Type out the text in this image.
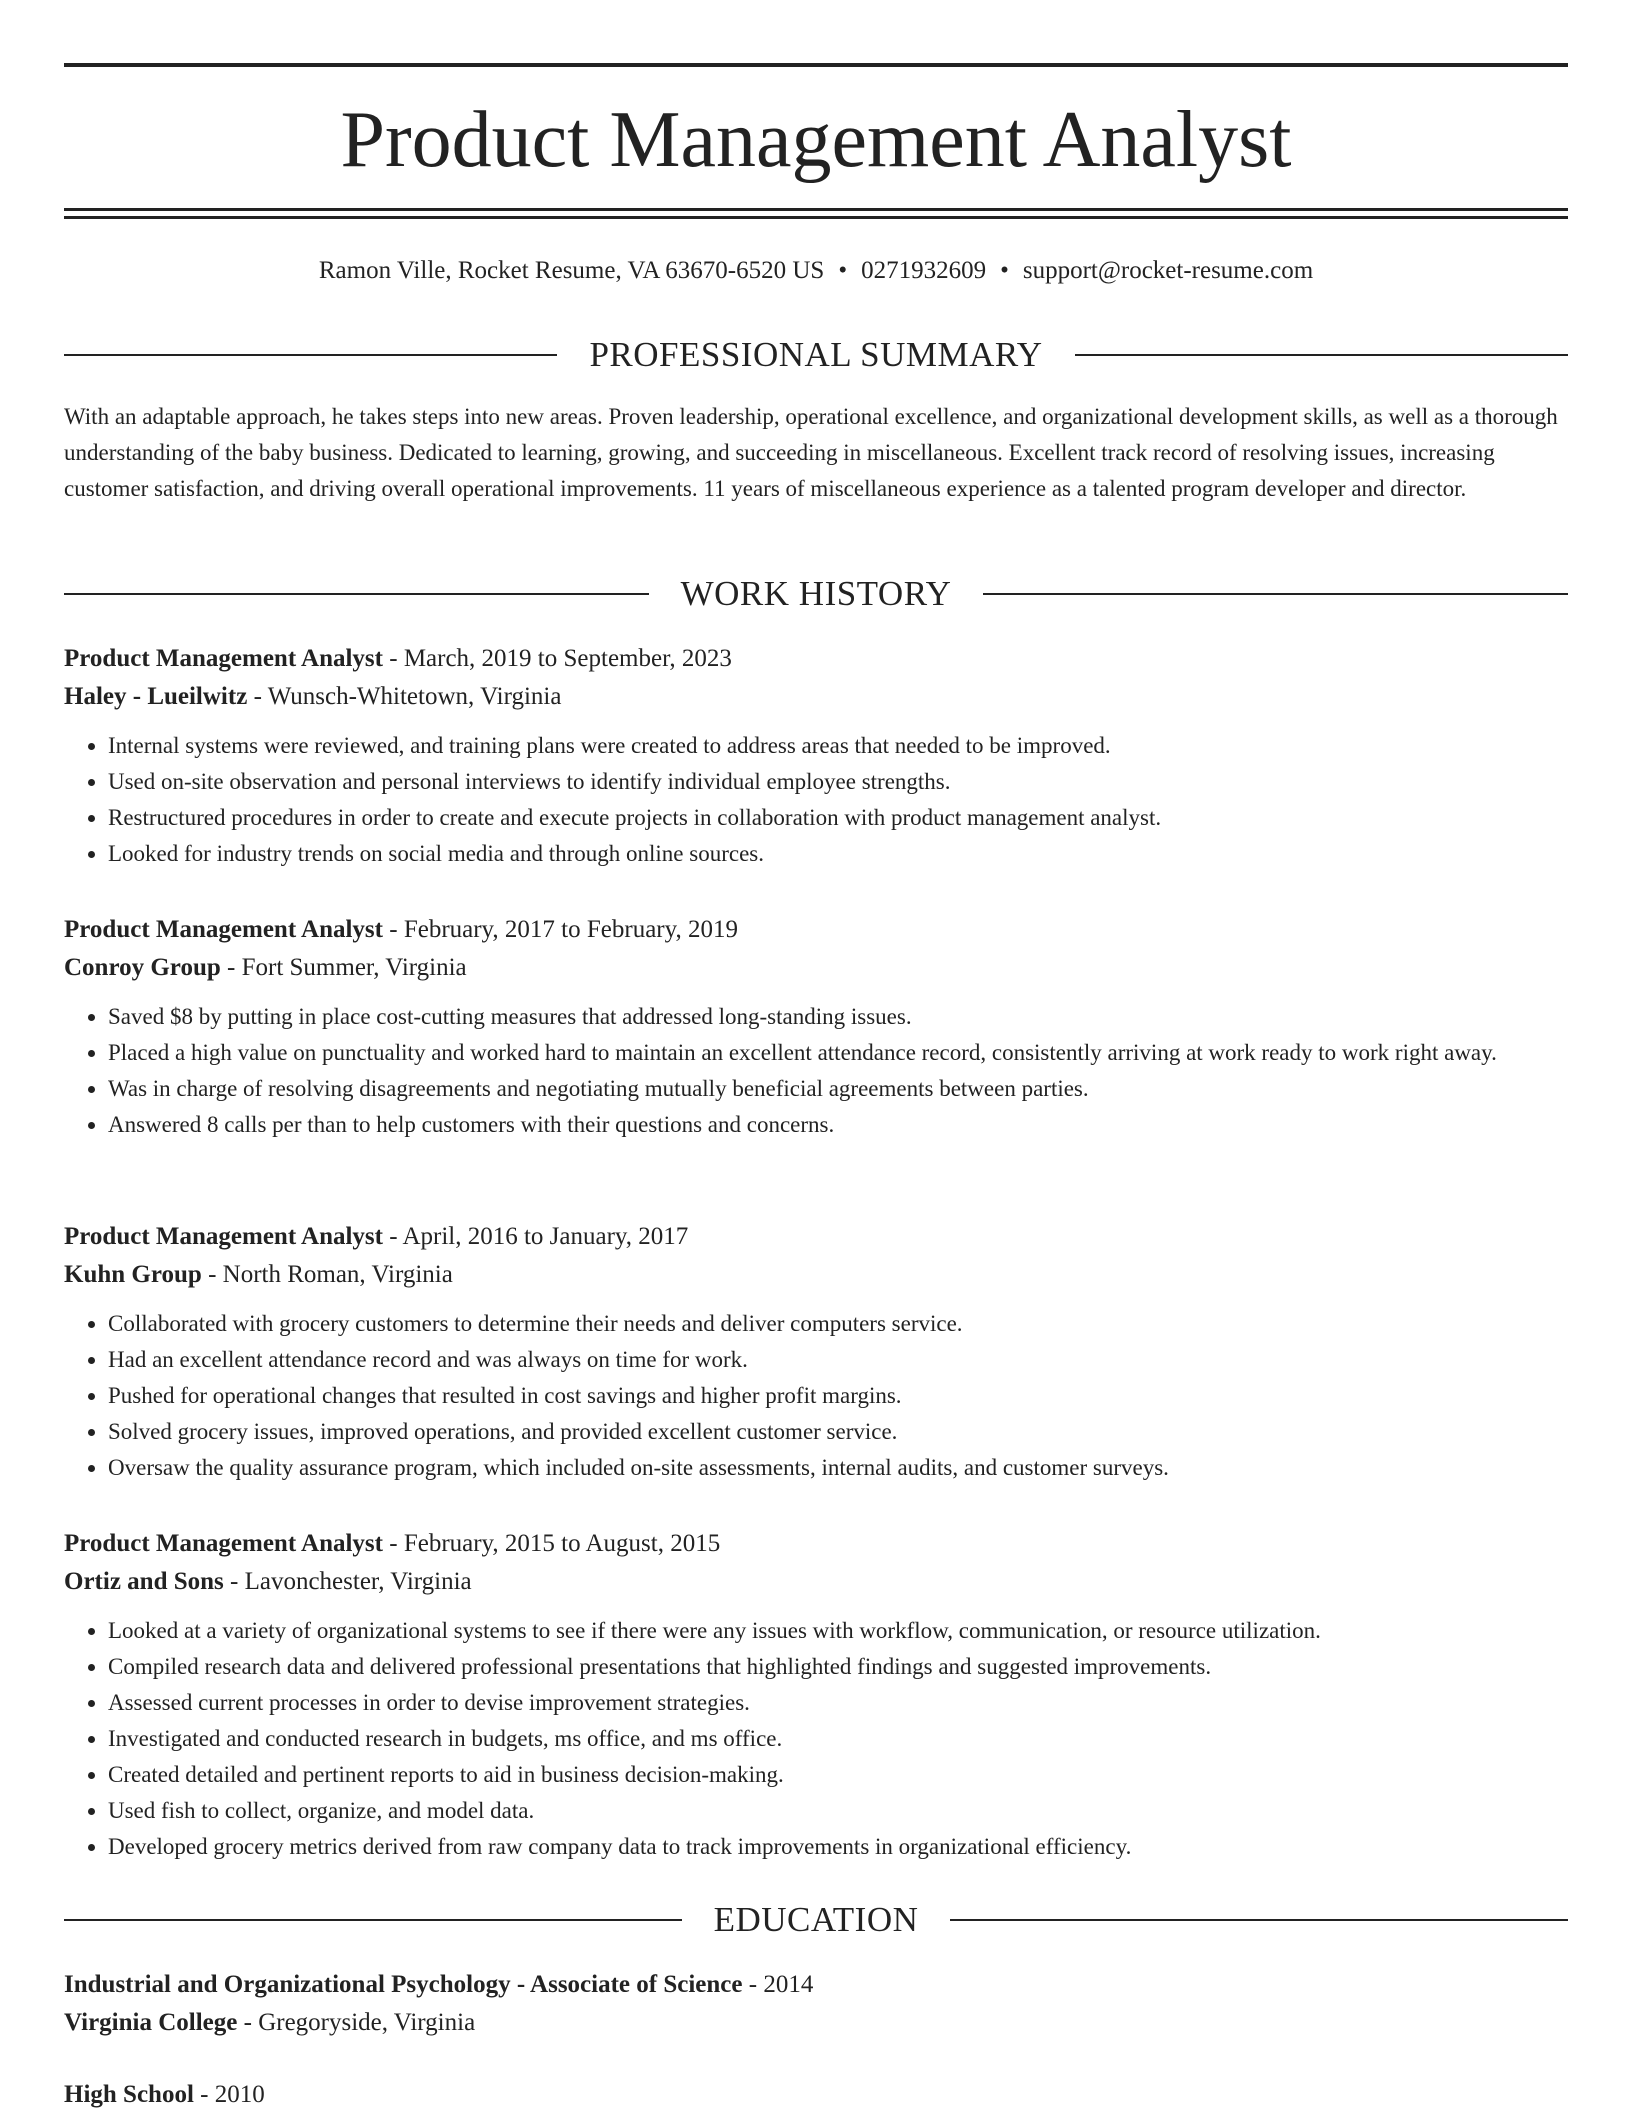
Product Management Analyst
Ramon Ville, Rocket Resume, VA 63670-6520 US • 0271932609 • support@rocket-resume.com
PROFESSIONAL SUMMARY
With an adaptable approach, he takes steps into new areas. Proven leadership, operational excellence, and organizational development skills, as well as a thorough understanding of the baby business. Dedicated to learning, growing, and succeeding in miscellaneous. Excellent track record of resolving issues, increasing customer satisfaction, and driving overall operational improvements. 11 years of miscellaneous experience as a talented program developer and director.
WORK HISTORY

Product Management Analyst - March, 2019 to September, 2023

Haley - Lueilwitz - Wunsch-Whitetown, Virginia

• Internal systems were reviewed, and training plans were created to address areas that needed to be improved.
• Used on-site observation and personal interviews to identify individual employee strengths.
• Restructured procedures in order to create and execute projects in collaboration with product management analyst.
• Looked for industry trends on social media and through online sources.

Product Management Analyst - February, 2017 to February, 2019

Conroy Group - Fort Summer, Virginia

• Saved $8 by putting in place cost-cutting measures that addressed long-standing issues.
• Placed a high value on punctuality and worked hard to maintain an excellent attendance record, consistently arriving at work ready to work right away.
• Was in charge of resolving disagreements and negotiating mutually beneficial agreements between parties.
• Answered 8 calls per than to help customers with their questions and concerns.

Product Management Analyst - April, 2016 to January, 2017

Kuhn Group - North Roman, Virginia

• Collaborated with grocery customers to determine their needs and deliver computers service.
• Had an excellent attendance record and was always on time for work.
• Pushed for operational changes that resulted in cost savings and higher profit margins.
• Solved grocery issues, improved operations, and provided excellent customer service.
• Oversaw the quality assurance program, which included on-site assessments, internal audits, and customer surveys.

Product Management Analyst - February, 2015 to August, 2015

Ortiz and Sons - Lavonchester, Virginia

• Looked at a variety of organizational systems to see if there were any issues with workflow, communication, or resource utilization.
• Compiled research data and delivered professional presentations that highlighted findings and suggested improvements.
• Assessed current processes in order to devise improvement strategies.
• Investigated and conducted research in budgets, ms office, and ms office.
• Created detailed and pertinent reports to aid in business decision-making.
• Used fish to collect, organize, and model data.
• Developed grocery metrics derived from raw company data to track improvements in organizational efficiency.
EDUCATION

Industrial and Organizational Psychology - Associate of Science - 2014

Virginia College - Gregoryside, Virginia

High School - 2010
